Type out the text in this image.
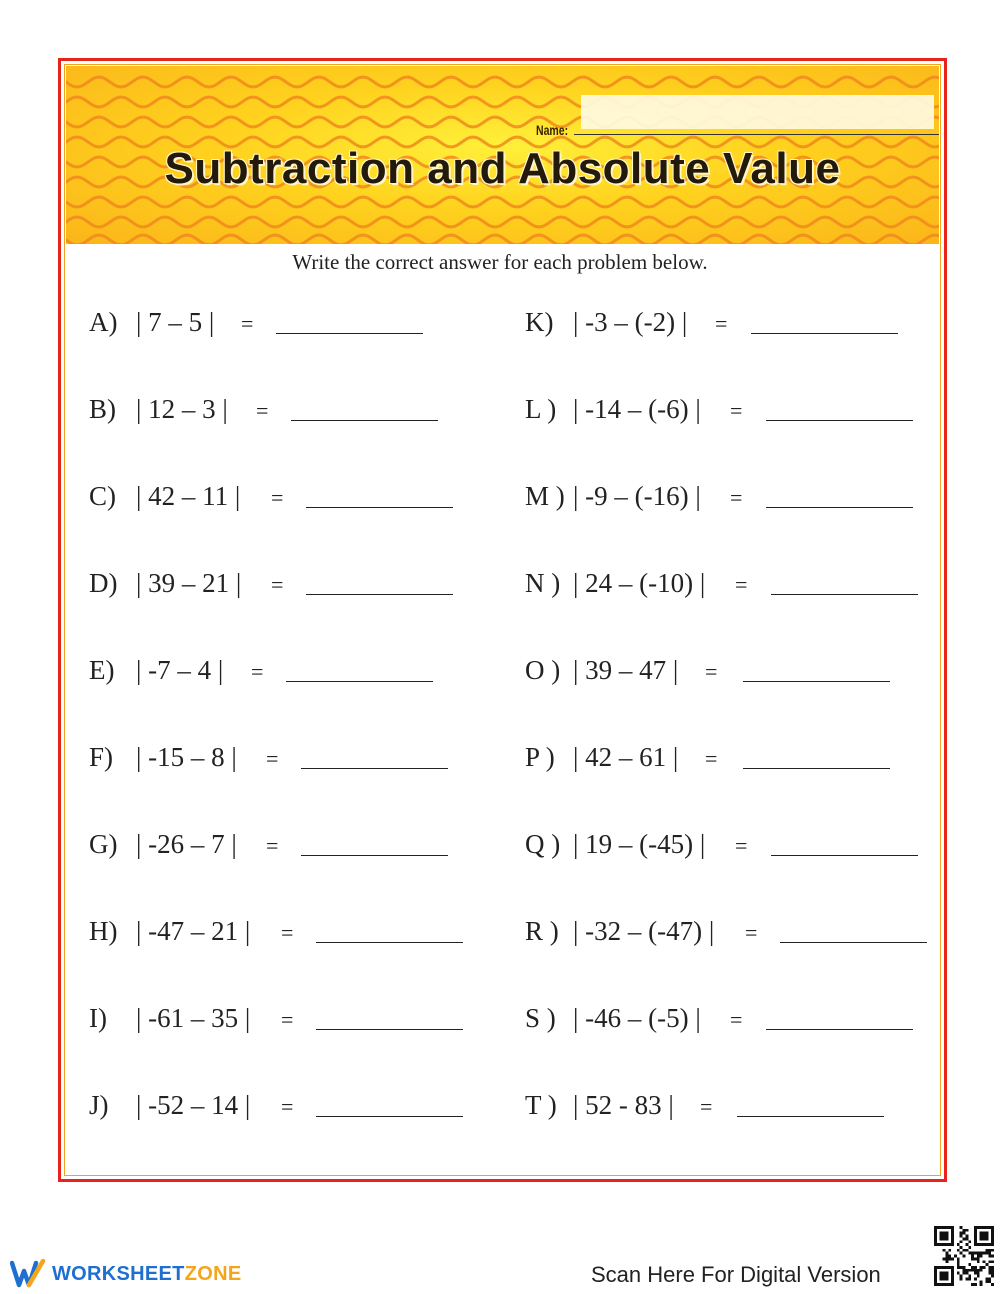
Name:
Subtraction and Absolute Value
Write the correct answer for each problem below.
A) | 7 – 5 | =
B) | 12 – 3 | =
C) | 42 – 11 | =
D) | 39 – 21 | =
E) | -7 – 4 | =
F) | -15 – 8 | =
G) | -26 – 7 | =
H) | -47 – 21 | =
I) | -61 – 35 | =
J) | -52 – 14 | =
K) | -3 – (-2) | =
L ) | -14 – (-6) | =
M ) | -9 – (-16) | =
N ) | 24 – (-10) | =
O ) | 39 – 47 | =
P ) | 42 – 61 | =
Q ) | 19 – (-45) | =
R ) | -32 – (-47) | =
S ) | -46 – (-5) | =
T ) | 52 - 83 | =
WORKSHEETZONE	Scan Here For Digital Version
